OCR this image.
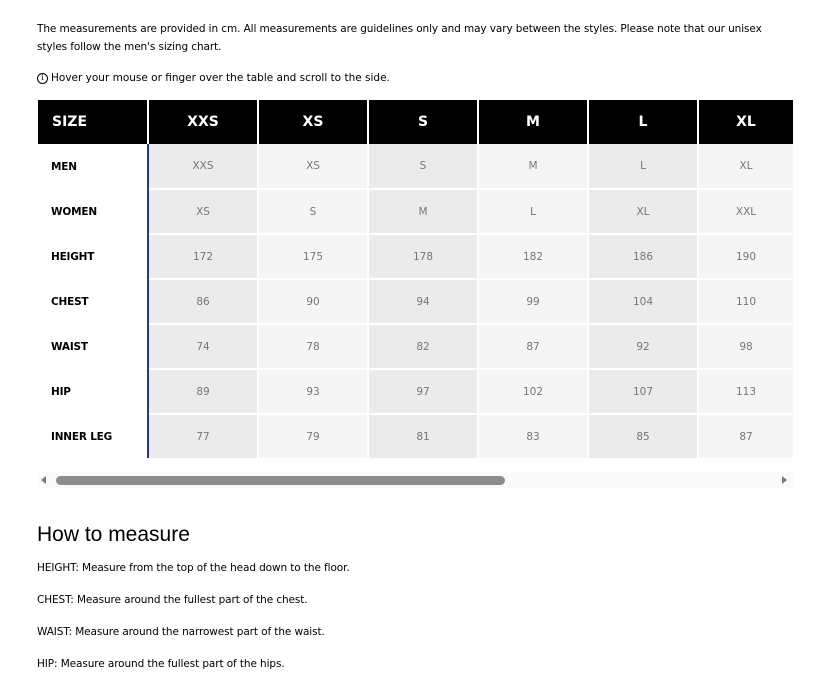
The measurements are provided in cm. All measurements are guidelines only and may vary between the styles. Please note that our unisex styles follow the men's sizing chart.

i Hover your mouse or finger over the table and scroll to the side.
SIZE	XXS	XS	S	M	L	XL
MEN	XXS	XS	S	M	L	XL
WOMEN	XS	S	M	L	XL	XXL
HEIGHT	172	175	178	182	186	190
CHEST	86	90	94	99	104	110
WAIST	74	78	82	87	92	98
HIP	89	93	97	102	107	113
INNER LEG	77	79	81	83	85	87
How to measure

HEIGHT: Measure from the top of the head down to the floor.

CHEST: Measure around the fullest part of the chest.

WAIST: Measure around the narrowest part of the waist.

HIP: Measure around the fullest part of the hips.
